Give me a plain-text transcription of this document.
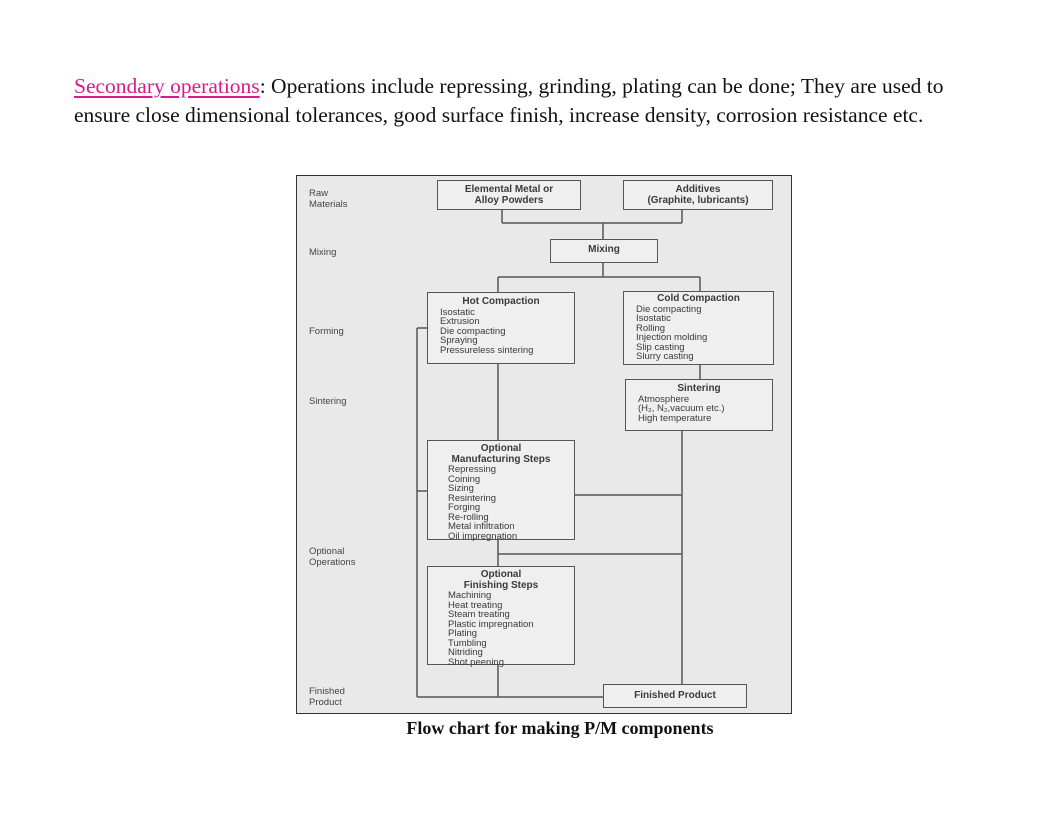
Secondary operations: Operations include repressing, grinding, plating can be done; They are used to ensure close dimensional tolerances, good surface finish, increase density, corrosion resistance etc.
Raw
Materials
Mixing
Forming
Sintering
Optional
Operations
Finished
Product
Elemental Metal or
Alloy Powders
Additives
(Graphite, lubricants)
Mixing
Hot Compaction
Isostatic
Extrusion
Die compacting
Spraying
Pressureless sintering
Cold Compaction
Die compacting
Isostatic
Rolling
Injection molding
Slip casting
Slurry casting
Sintering
Atmosphere
(H₂, N₂,vacuum etc.)
High temperature
Optional
Manufacturing Steps
Repressing
Coining
Sizing
Resintering
Forging
Re-rolling
Metal infiltration
Oil impregnation
Optional
Finishing Steps
Machining
Heat treating
Steam treating
Plastic impregnation
Plating
Tumbling
Nitriding
Shot peening
Finished Product
Flow chart for making P/M components
